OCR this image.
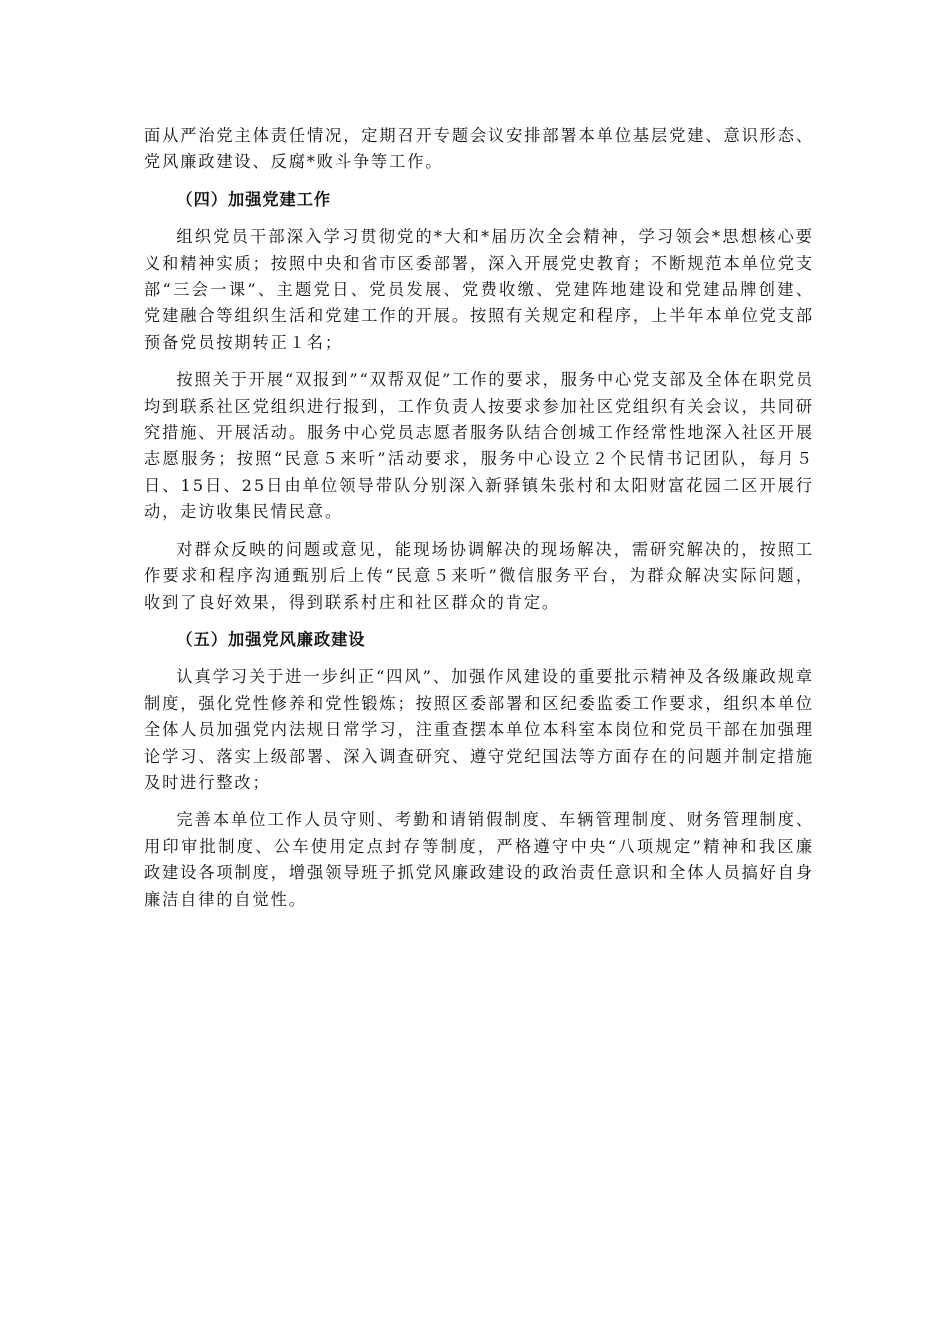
面从严治党主体责任情况，定期召开专题会议安排部署本单位基层党建、意识形态、党风廉政建设、反腐*败斗争等工作。

（四）加强党建工作

组织党员干部深入学习贯彻党的*大和*届历次全会精神，学习领会*思想核心要义和精神实质；按照中央和省市区委部署，深入开展党史教育；不断规范本单位党支部“三会一课”、主题党日、党员发展、党费收缴、党建阵地建设和党建品牌创建、党建融合等组织生活和党建工作的开展。按照有关规定和程序，上半年本单位党支部预备党员按期转正１名；

按照关于开展“双报到”“双帮双促”工作的要求，服务中心党支部及全体在职党员均到联系社区党组织进行报到，工作负责人按要求参加社区党组织有关会议，共同研究措施、开展活动。服务中心党员志愿者服务队结合创城工作经常性地深入社区开展志愿服务；按照“民意５来听”活动要求，服务中心设立２个民情书记团队，每月５日、15日、25日由单位领导带队分别深入新驿镇朱张村和太阳财富花园二区开展行动，走访收集民情民意。

对群众反映的问题或意见，能现场协调解决的现场解决，需研究解决的，按照工作要求和程序沟通甄别后上传“民意５来听”微信服务平台，为群众解决实际问题，收到了良好效果，得到联系村庄和社区群众的肯定。

（五）加强党风廉政建设

认真学习关于进一步纠正“四风”、加强作风建设的重要批示精神及各级廉政规章制度，强化党性修养和党性锻炼；按照区委部署和区纪委监委工作要求，组织本单位全体人员加强党内法规日常学习，注重查摆本单位本科室本岗位和党员干部在加强理论学习、落实上级部署、深入调查研究、遵守党纪国法等方面存在的问题并制定措施及时进行整改；

完善本单位工作人员守则、考勤和请销假制度、车辆管理制度、财务管理制度、用印审批制度、公车使用定点封存等制度，严格遵守中央“八项规定”精神和我区廉政建设各项制度，增强领导班子抓党风廉政建设的政治责任意识和全体人员搞好自身廉洁自律的自觉性。
